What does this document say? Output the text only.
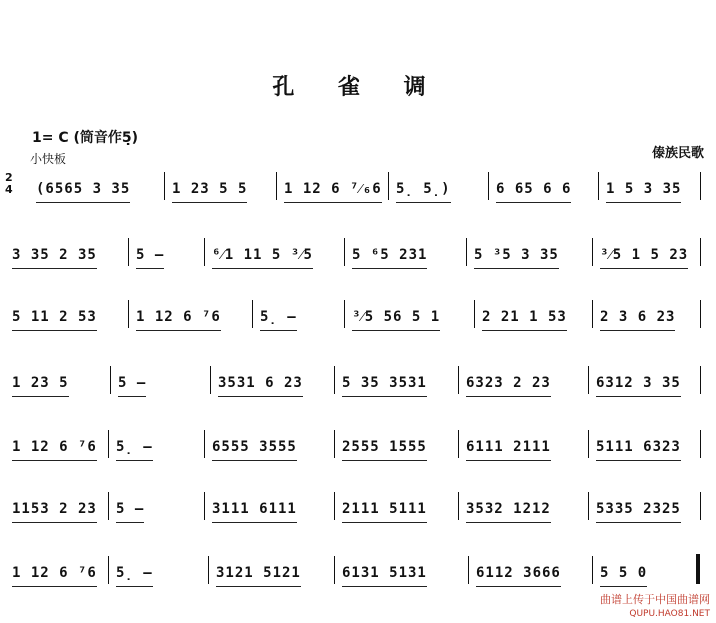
孔 雀 调
1= C (筒音作5̣)
小快板	傣族民歌
2
4 (6565 3 35	1 23 5 5	1 12 6 ⁷⁄₆6 5̣ 5̣)	6 65 6 6 1 5 3 35
3 35 2 35	5 –	⁶⁄1 11 5 ³⁄5	5 ⁶5 231	5 ³5 3 35	³⁄5 1 5 23
5 11 2 53	1 12 6 ⁷6	5̣ –	³⁄5 56 5 1	2 21 1 53 2 3 6 23
1 23 5	5 –	3531 6 23	5 35 3531	6323 2 23	6312 3 35
1 12 6 ⁷6 5̣ –	6555 3555	2555 1555	6111 2111	5111 6323
1153 2 23 5 –	3111 6111	2111 5111	3532 1212	5335 2325
1 12 6 ⁷6 5̣ –	3121 5121	6131 5131	6112 3666	5 5 0
曲谱上传于中国曲谱网
QUPU.HAO81.NET
